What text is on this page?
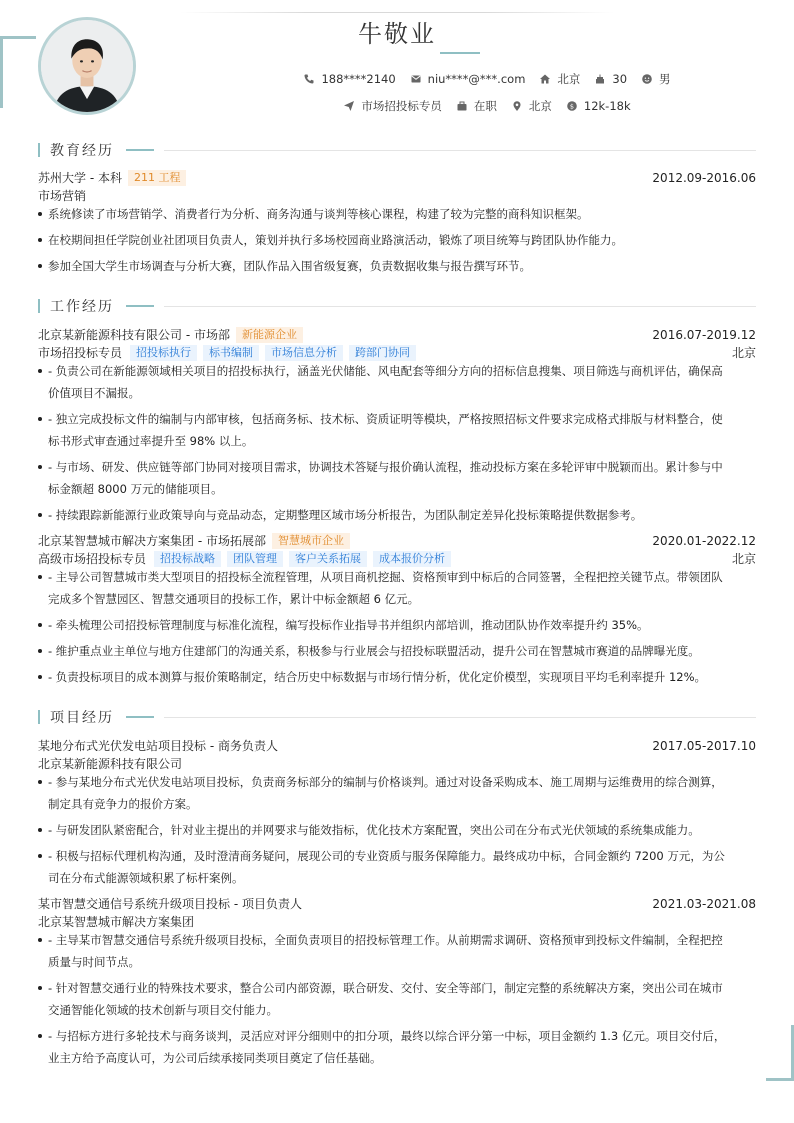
牛敬业
188****2140	niu****@***.com	北京	30	男
市场招投标专员	在职	北京	$ 12k-18k
教育经历
苏州大学 - 本科	211 工程	2012.09-2016.06
市场营销
系统修读了市场营销学、消费者行为分析、商务沟通与谈判等核心课程，构建了较为完整的商科知识框架。
在校期间担任学院创业社团项目负责人，策划并执行多场校园商业路演活动，锻炼了项目统筹与跨团队协作能力。
参加全国大学生市场调查与分析大赛，团队作品入围省级复赛，负责数据收集与报告撰写环节。
工作经历
北京某新能源科技有限公司 - 市场部	新能源企业	2016.07-2019.12
市场招投标专员	招投标执行	标书编制	市场信息分析	跨部门协同	北京
- 负责公司在新能源领域相关项目的招投标执行，涵盖光伏储能、风电配套等细分方向的招标信息搜集、项目筛选与商机评估，确保高
价值项目不漏报。
- 独立完成投标文件的编制与内部审核，包括商务标、技术标、资质证明等模块，严格按照招标文件要求完成格式排版与材料整合，使
标书形式审查通过率提升至 98% 以上。
- 与市场、研发、供应链等部门协同对接项目需求，协调技术答疑与报价确认流程，推动投标方案在多轮评审中脱颖而出。累计参与中
标金额超 8000 万元的储能项目。
- 持续跟踪新能源行业政策导向与竞品动态，定期整理区域市场分析报告，为团队制定差异化投标策略提供数据参考。
北京某智慧城市解决方案集团 - 市场拓展部	智慧城市企业	2020.01-2022.12
高级市场招投标专员	招投标战略	团队管理	客户关系拓展	成本报价分析	北京
- 主导公司智慧城市类大型项目的招投标全流程管理，从项目商机挖掘、资格预审到中标后的合同签署，全程把控关键节点。带领团队
完成多个智慧园区、智慧交通项目的投标工作，累计中标金额超 6 亿元。
- 牵头梳理公司招投标管理制度与标准化流程，编写投标作业指导书并组织内部培训，推动团队协作效率提升约 35%。
- 维护重点业主单位与地方住建部门的沟通关系，积极参与行业展会与招投标联盟活动，提升公司在智慧城市赛道的品牌曝光度。
- 负责投标项目的成本测算与报价策略制定，结合历史中标数据与市场行情分析，优化定价模型，实现项目平均毛利率提升 12%。
项目经历
某地分布式光伏发电站项目投标 - 商务负责人	2017.05-2017.10
北京某新能源科技有限公司
- 参与某地分布式光伏发电站项目投标，负责商务标部分的编制与价格谈判。通过对设备采购成本、施工周期与运维费用的综合测算，
制定具有竞争力的报价方案。
- 与研发团队紧密配合，针对业主提出的并网要求与能效指标，优化技术方案配置，突出公司在分布式光伏领域的系统集成能力。
- 积极与招标代理机构沟通，及时澄清商务疑问，展现公司的专业资质与服务保障能力。最终成功中标，合同金额约 7200 万元，为公
司在分布式能源领域积累了标杆案例。
某市智慧交通信号系统升级项目投标 - 项目负责人	2021.03-2021.08
北京某智慧城市解决方案集团
- 主导某市智慧交通信号系统升级项目投标，全面负责项目的招投标管理工作。从前期需求调研、资格预审到投标文件编制，全程把控
质量与时间节点。
- 针对智慧交通行业的特殊技术要求，整合公司内部资源，联合研发、交付、安全等部门，制定完整的系统解决方案，突出公司在城市
交通智能化领域的技术创新与项目交付能力。
- 与招标方进行多轮技术与商务谈判，灵活应对评分细则中的扣分项，最终以综合评分第一中标，项目金额约 1.3 亿元。项目交付后，
业主方给予高度认可，为公司后续承接同类项目奠定了信任基础。
